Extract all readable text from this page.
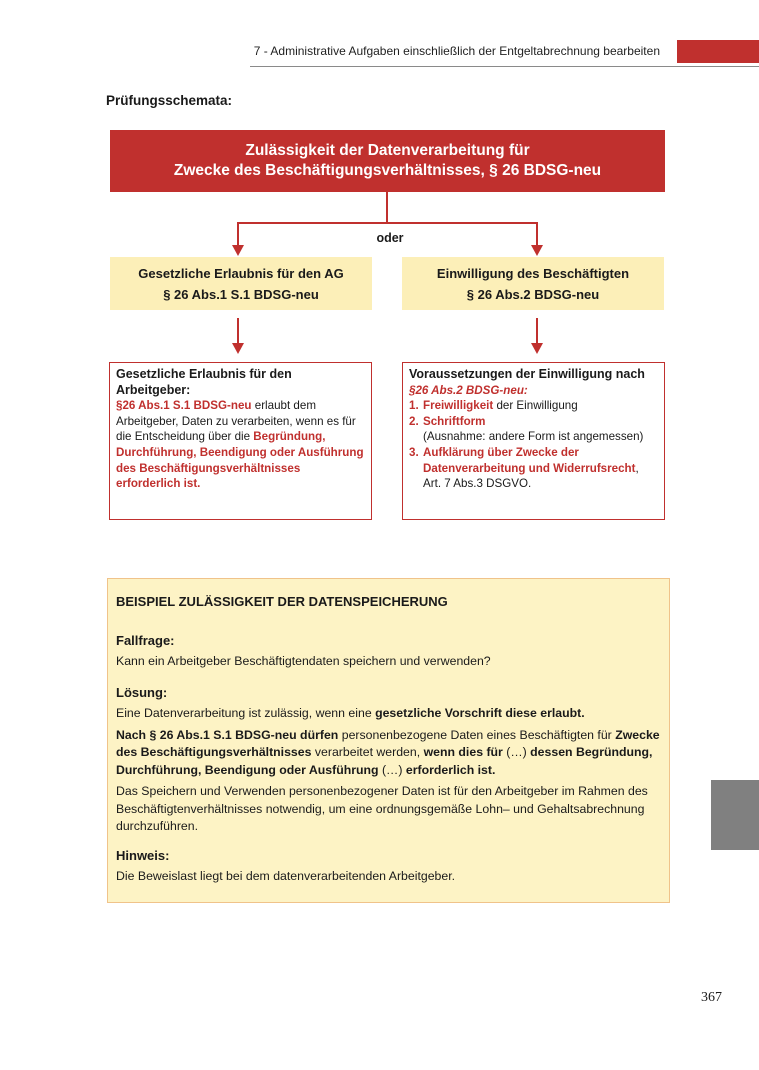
7 - Administrative Aufgaben einschließlich der Entgeltabrechnung bearbeiten
Prüfungsschemata:
Zulässigkeit der Datenverarbeitung für
Zwecke des Beschäftigungsverhältnisses, § 26 BDSG-neu
oder
Gesetzliche Erlaubnis für den AG
§ 26 Abs.1 S.1 BDSG-neu
Einwilligung des Beschäftigten
§ 26 Abs.2 BDSG-neu
Gesetzliche Erlaubnis für den Arbeitgeber:
§26 Abs.1 S.1 BDSG-neu erlaubt dem Arbeitgeber, Daten zu verarbeiten, wenn es für die Entscheidung über die Begründung, Durchführung, Beendigung oder Ausführung des Beschäftigungsverhältnisses erforderlich ist.
Voraussetzungen der Einwilligung nach
§26 Abs.2 BDSG-neu:
1. Freiwilligkeit der Einwilligung
2. Schriftform
(Ausnahme: andere Form ist angemessen)
3. Aufklärung über Zwecke der Datenverarbeitung und Widerrufsrecht, Art. 7 Abs.3 DSGVO.

BEISPIEL ZULÄSSIGKEIT DER DATENSPEICHERUNG

Fallfrage:

Kann ein Arbeitgeber Beschäftigtendaten speichern und verwenden?

Lösung:

Eine Datenverarbeitung ist zulässig, wenn eine gesetzliche Vorschrift diese erlaubt.

Nach § 26 Abs.1 S.1 BDSG-neu dürfen personenbezogene Daten eines Beschäftigten für Zwecke des Beschäftigungsverhältnisses verarbeitet werden, wenn dies für (…) dessen Begründung, Durchführung, Beendigung oder Ausführung (…) erforderlich ist.

Das Speichern und Verwenden personenbezogener Daten ist für den Arbeitgeber im Rahmen des Beschäftigtenverhältnisses notwendig, um eine ordnungsgemäße Lohn– und Gehaltsabrechnung durchzuführen.

Hinweis:

Die Beweislast liegt bei dem datenverarbeitenden Arbeitgeber.

367
